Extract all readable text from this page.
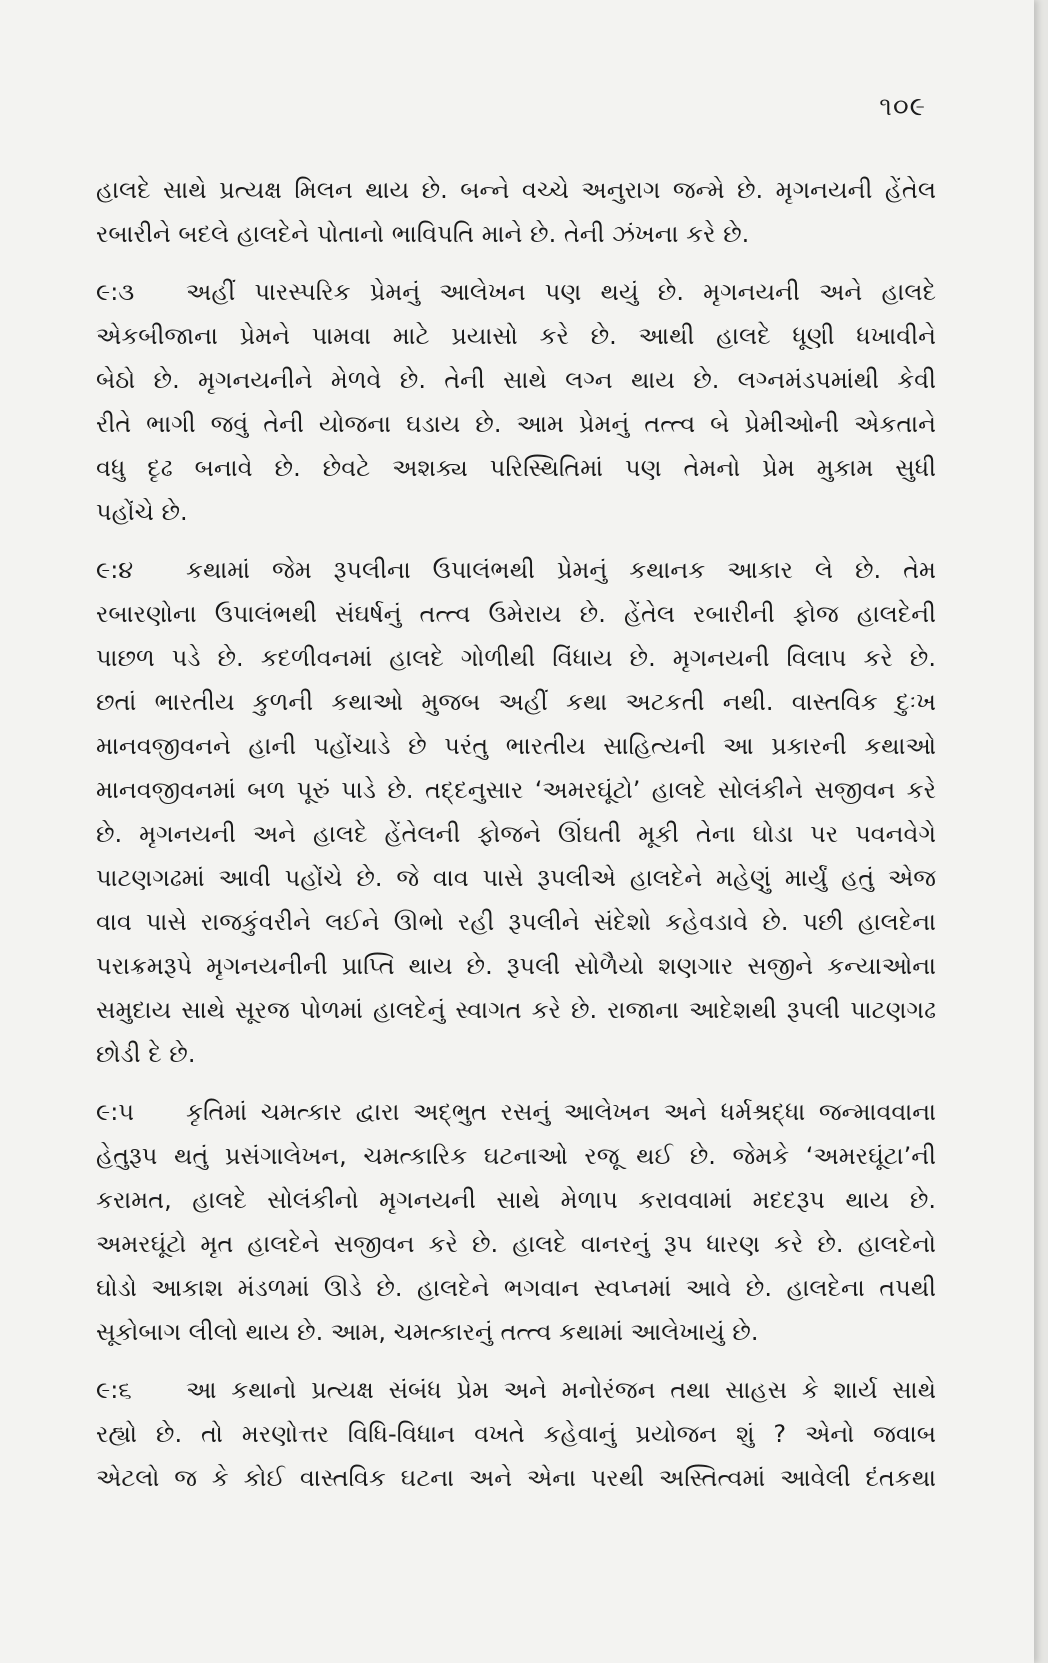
૧૦૯
હાલદે સાથે પ્રત્યક્ષ મિલન થાય છે. બન્ને વચ્ચે અનુરાગ જન્મે છે. મૃગનયની હેંતેલ
રબારીને બદલે હાલદેને પોતાનો ભાવિપતિ માને છે. તેની ઝંખના કરે છે.
૯:૩ અહીં પારસ્પરિક પ્રેમનું આલેખન પણ થયું છે. મૃગનયની અને હાલદે
એકબીજાના પ્રેમને પામવા માટે પ્રયાસો કરે છે. આથી હાલદે ધૂણી ધખાવીને
બેઠો છે. મૃગનયનીને મેળવે છે. તેની સાથે લગ્ન થાય છે. લગ્નમંડપમાંથી કેવી
રીતે ભાગી જવું તેની યોજના ઘડાય છે. આમ પ્રેમનું તત્ત્વ બે પ્રેમીઓની એકતાને
વધુ દૃઢ બનાવે છે. છેવટે અશક્ય પરિસ્થિતિમાં પણ તેમનો પ્રેમ મુકામ સુધી
પહોંચે છે.
૯:૪ કથામાં જેમ રૂપલીના ઉપાલંભથી પ્રેમનું કથાનક આકાર લે છે. તેમ
રબારણોના ઉપાલંભથી સંઘર્ષનું તત્ત્વ ઉમેરાય છે. હેંતેલ રબારીની ફોજ હાલદેની
પાછળ પડે છે. કદળીવનમાં હાલદે ગોળીથી વિંધાય છે. મૃગનયની વિલાપ કરે છે.
છતાં ભારતીય કુળની કથાઓ મુજબ અહીં કથા અટકતી નથી. વાસ્તવિક દુઃખ
માનવજીવનને હાની પહોંચાડે છે પરંતુ ભારતીય સાહિત્યની આ પ્રકારની કથાઓ
માનવજીવનમાં બળ પૂરું પાડે છે. તદ્દનુસાર ‘અમરઘૂંટો’ હાલદે સોલંકીને સજીવન કરે
છે. મૃગનયની અને હાલદે હેંતેલની ફોજને ઊંઘતી મૂકી તેના ઘોડા પર પવનવેગે
પાટણગઢમાં આવી પહોંચે છે. જે વાવ પાસે રૂપલીએ હાલદેને મહેણું માર્યું હતું એજ
વાવ પાસે રાજકુંવરીને લઈને ઊભો રહી રૂપલીને સંદેશો કહેવડાવે છે. પછી હાલદેના
પરાક્રમરૂપે મૃગનયનીની પ્રાપ્તિ થાય છે. રૂપલી સોળૈયો શણગાર સજીને કન્યાઓના
સમુદાય સાથે સૂરજ પોળમાં હાલદેનું સ્વાગત કરે છે. રાજાના આદેશથી રૂપલી પાટણગઢ
છોડી દે છે.
૯:૫ કૃતિમાં ચમત્કાર દ્વારા અદ્ભુત રસનું આલેખન અને ધર્મશ્રદ્ધા જન્માવવાના
હેતુરૂપ થતું પ્રસંગાલેખન, ચમત્કારિક ઘટનાઓ રજૂ થઈ છે. જેમકે ‘અમરઘૂંટા’ની
કરામત, હાલદે સોલંકીનો મૃગનયની સાથે મેળાપ કરાવવામાં મદદરૂપ થાય છે.
અમરઘૂંટો મૃત હાલદેને સજીવન કરે છે. હાલદે વાનરનું રૂપ ધારણ કરે છે. હાલદેનો
ઘોડો આકાશ મંડળમાં ઊડે છે. હાલદેને ભગવાન સ્વપ્નમાં આવે છે. હાલદેના તપથી
સૂકોબાગ લીલો થાય છે. આમ, ચમત્કારનું તત્ત્વ કથામાં આલેખાયું છે.
૯:૬ આ કથાનો પ્રત્યક્ષ સંબંધ પ્રેમ અને મનોરંજન તથા સાહસ કે શાર્ય સાથે
રહ્યો છે. તો મરણોત્તર વિધિ-વિધાન વખતે કહેવાનું પ્રયોજન શું ? એનો જવાબ
એટલો જ કે કોઈ વાસ્તવિક ઘટના અને એના પરથી અસ્તિત્વમાં આવેલી દંતકથા
